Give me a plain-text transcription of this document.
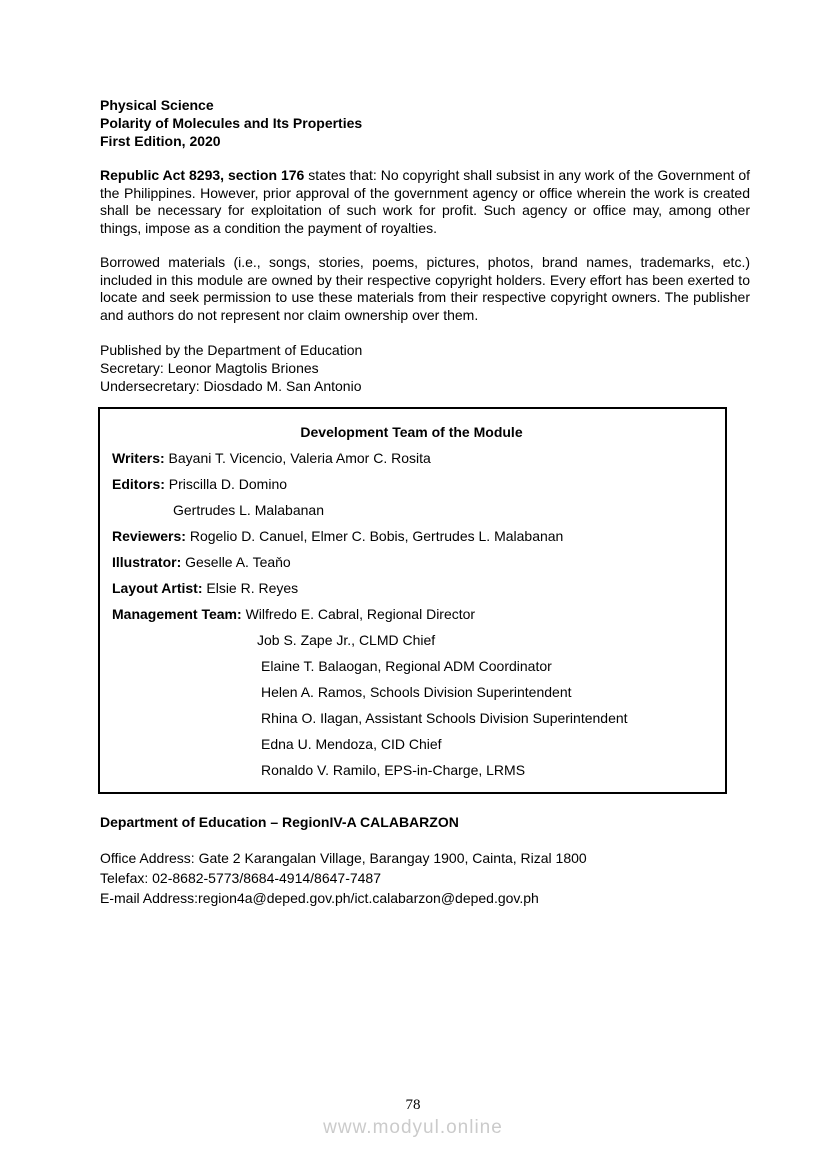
Physical Science
Polarity of Molecules and Its Properties
First Edition, 2020

Republic Act 8293, section 176 states that: No copyright shall subsist in any work of the Government of the Philippines. However, prior approval of the government agency or office wherein the work is created shall be necessary for exploitation of such work for profit. Such agency or office may, among other things, impose as a condition the payment of royalties.

Borrowed materials (i.e., songs, stories, poems, pictures, photos, brand names, trademarks, etc.) included in this module are owned by their respective copyright holders. Every effort has been exerted to locate and seek permission to use these materials from their respective copyright owners. The publisher and authors do not represent nor claim ownership over them.

Published by the Department of Education
Secretary: Leonor Magtolis Briones
Undersecretary: Diosdado M. San Antonio
Development Team of the Module
Writers: Bayani T. Vicencio, Valeria Amor C. Rosita
Editors: Priscilla D. Domino
Gertrudes L. Malabanan
Reviewers: Rogelio D. Canuel, Elmer C. Bobis, Gertrudes L. Malabanan
Illustrator: Geselle A. Teaňo
Layout Artist: Elsie R. Reyes
Management Team: Wilfredo E. Cabral, Regional Director
Job S. Zape Jr., CLMD Chief
Elaine T. Balaogan, Regional ADM Coordinator
Helen A. Ramos, Schools Division Superintendent
Rhina O. Ilagan, Assistant Schools Division Superintendent
Edna U. Mendoza, CID Chief
Ronaldo V. Ramilo, EPS-in-Charge, LRMS
Department of Education – RegionIV-A CALABARZON
Office Address: Gate 2 Karangalan Village, Barangay 1900, Cainta, Rizal 1800
Telefax: 02-8682-5773/8684-4914/8647-7487
E-mail Address:region4a@deped.gov.ph/ict.calabarzon@deped.gov.ph
78
www.modyul.online
